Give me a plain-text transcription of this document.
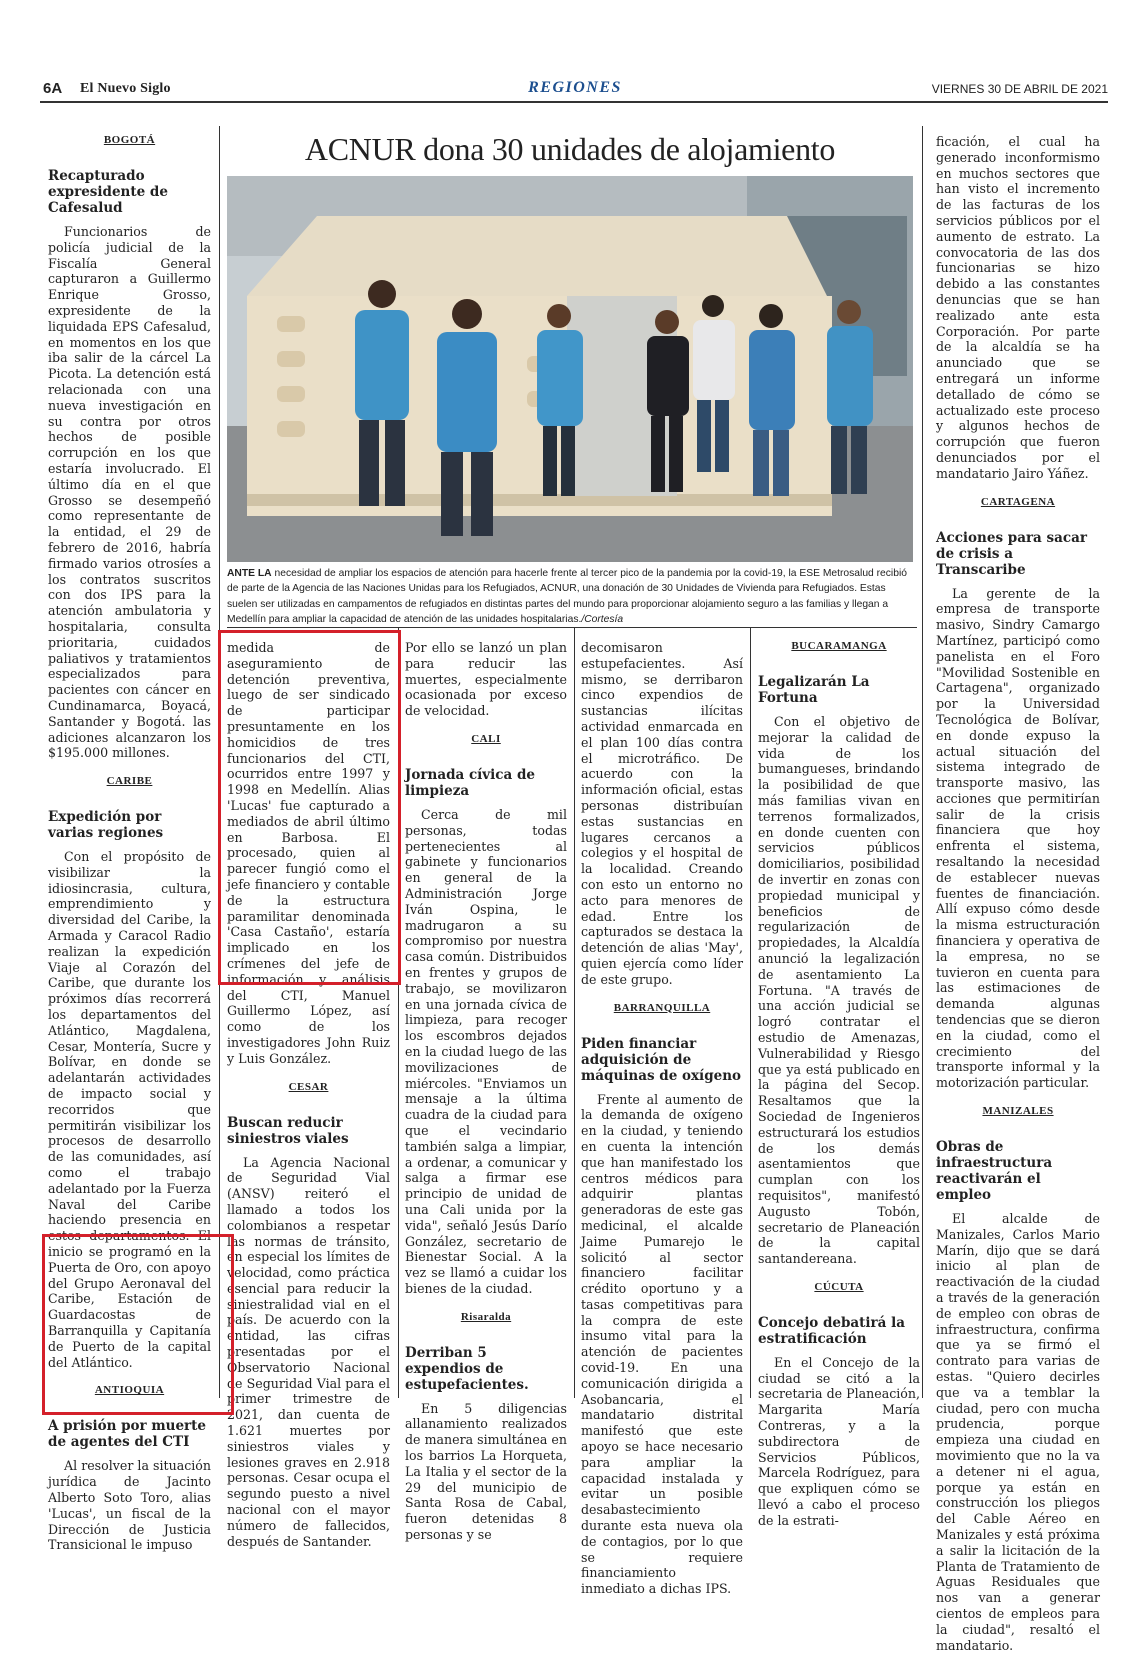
6A El Nuevo Siglo	REGIONES	VIERNES 30 DE ABRIL DE 2021
ACNUR dona 30 unidades de alojamiento
ANTE LA necesidad de ampliar los espacios de atención para hacerle frente al tercer pico de la pandemia por la covid-19, la ESE Metrosalud recibió de parte de la Agencia de las Naciones Unidas para los Refugiados, ACNUR, una donación de 30 Unidades de Vivienda para Refugiados. Estas suelen ser utilizadas en campamentos de refugiados en distintas partes del mundo para proporcionar alojamiento seguro a las familias y llegan a Medellín para ampliar la capacidad de atención de las unidades hospitalarias./Cortesía
BOGOTÁ
Recapturado expresidente de Cafesalud

Funcionarios de policía judicial de la Fiscalía General capturaron a Guillermo Enrique Grosso, expresidente de la liquidada EPS Cafesalud, en momentos en los que iba salir de la cárcel La Picota. La detención está relacionada con una nueva investigación en su contra por otros hechos de posible corrupción en los que estaría involucrado. El último día en el que Grosso se desempeñó como representante de la entidad, el 29 de febrero de 2016, habría firmado varios otrosíes a los contratos suscritos con dos IPS para la atención ambulatoria y hospitalaria, consulta prioritaria, cuidados paliativos y tratamientos especializados para pacientes con cáncer en Cundinamarca, Boyacá, Santander y Bogotá. las adiciones alcanzaron los $195.000 millones.

CARIBE
Expedición por varias regiones

Con el propósito de visibilizar la idiosincrasia, cultura, emprendimiento y diversidad del Caribe, la Armada y Caracol Radio realizan la expedición Viaje al Corazón del Caribe, que durante los próximos días recorrerá los departamentos del Atlántico, Magdalena, Cesar, Montería, Sucre y Bolívar, en donde se adelantarán actividades de impacto social y recorridos que permitirán visibilizar los procesos de desarrollo de las comunidades, así como el trabajo adelantado por la Fuerza Naval del Caribe haciendo presencia en estos departamentos. El inicio se programó en la Puerta de Oro, con apoyo del Grupo Aeronaval del Caribe, Estación de Guardacostas de Barranquilla y Capitanía de Puerto de la capital del Atlántico.

ANTIOQUIA
A prisión por muerte de agentes del CTI

Al resolver la situación jurídica de Jacinto Alberto Soto Toro, alias 'Lucas', un fiscal de la Dirección de Justicia Transicional le impuso

medida de aseguramiento de detención preventiva, luego de ser sindicado de participar presuntamente en los homicidios de tres funcionarios del CTI, ocurridos entre 1997 y 1998 en Medellín. Alias 'Lucas' fue capturado a mediados de abril último en Barbosa. El procesado, quien al parecer fungió como el jefe financiero y contable de la estructura paramilitar denominada 'Casa Castaño', estaría implicado en los crímenes del jefe de información y análisis del CTI, Manuel Guillermo López, así como de los investigadores John Ruiz y Luis González.

CESAR
Buscan reducir siniestros viales

La Agencia Nacional de Seguridad Vial (ANSV) reiteró el llamado a todos los colombianos a respetar las normas de tránsito, en especial los límites de velocidad, como práctica esencial para reducir la siniestralidad vial en el país. De acuerdo con la entidad, las cifras presentadas por el Observatorio Nacional de Seguridad Vial para el primer trimestre de 2021, dan cuenta de 1.621 muertes por siniestros viales y lesiones graves en 2.918 personas. Cesar ocupa el segundo puesto a nivel nacional con el mayor número de fallecidos, después de Santander.

Por ello se lanzó un plan para reducir las muertes, especialmente ocasionada por exceso de velocidad.

CALI
Jornada cívica de limpieza

Cerca de mil personas, todas pertenecientes al gabinete y funcionarios en general de la Administración Jorge Iván Ospina, le madrugaron a su compromiso por nuestra casa común. Distribuidos en frentes y grupos de trabajo, se movilizaron en una jornada cívica de limpieza, para recoger los escombros dejados en la ciudad luego de las movilizaciones de miércoles. "Enviamos un mensaje a la última cuadra de la ciudad para que el vecindario también salga a limpiar, a ordenar, a comunicar y salga a firmar ese principio de unidad de una Cali unida por la vida", señaló Jesús Darío González, secretario de Bienestar Social. A la vez se llamó a cuidar los bienes de la ciudad.

Risaralda
Derriban 5 expendios de estupefacientes.

En 5 diligencias allanamiento realizados de manera simultánea en los barrios La Horqueta, La Italia y el sector de la 29 del municipio de Santa Rosa de Cabal, fueron detenidas 8 personas y se

decomisaron estupefacientes. Así mismo, se derribaron cinco expendios de sustancias ilícitas actividad enmarcada en el plan 100 días contra el microtráfico. De acuerdo con la información oficial, estas personas distribuían estas sustancias en lugares cercanos a colegios y el hospital de la localidad. Creando con esto un entorno no acto para menores de edad. Entre los capturados se destaca la detención de alias 'May', quien ejercía como líder de este grupo.

BARRANQUILLA
Piden financiar adquisición de máquinas de oxígeno

Frente al aumento de la demanda de oxígeno en la ciudad, y teniendo en cuenta la intención que han manifestado los centros médicos para adquirir plantas generadoras de este gas medicinal, el alcalde Jaime Pumarejo le solicitó al sector financiero facilitar crédito oportuno y a tasas competitivas para la compra de este insumo vital para la atención de pacientes covid-19. En una comunicación dirigida a Asobancaria, el mandatario distrital manifestó que este apoyo se hace necesario para ampliar la capacidad instalada y evitar un posible desabastecimiento durante esta nueva ola de contagios, por lo que se requiere financiamiento inmediato a dichas IPS.

BUCARAMANGA
Legalizarán La Fortuna

Con el objetivo de mejorar la calidad de vida de los bumangueses, brindando la posibilidad de que más familias vivan en terrenos formalizados, en donde cuenten con servicios públicos domiciliarios, posibilidad de invertir en zonas con propiedad municipal y beneficios de regularización de propiedades, la Alcaldía anunció la legalización de asentamiento La Fortuna. "A través de una acción judicial se logró contratar el estudio de Amenazas, Vulnerabilidad y Riesgo que ya está publicado en la página del Secop. Resaltamos que la Sociedad de Ingenieros estructurará los estudios de los demás asentamientos que cumplan con los requisitos", manifestó Augusto Tobón, secretario de Planeación de la capital santandereana.

CÚCUTA
Concejo debatirá la estratificación

En el Concejo de la ciudad se citó a la secretaria de Planeación, Margarita María Contreras, y a la subdirectora de Servicios Públicos, Marcela Rodríguez, para que expliquen cómo se llevó a cabo el proceso de la estrati-

ficación, el cual ha generado inconformismo en muchos sectores que han visto el incremento de las facturas de los servicios públicos por el aumento de estrato. La convocatoria de las dos funcionarias se hizo debido a las constantes denuncias que se han realizado ante esta Corporación. Por parte de la alcaldía se ha anunciado que se entregará un informe detallado de cómo se actualizado este proceso y algunos hechos de corrupción que fueron denunciados por el mandatario Jairo Yáñez.

CARTAGENA
Acciones para sacar de crisis a Transcaribe

La gerente de la empresa de transporte masivo, Sindry Camargo Martínez, participó como panelista en el Foro "Movilidad Sostenible en Cartagena", organizado por la Universidad Tecnológica de Bolívar, en donde expuso la actual situación del sistema integrado de transporte masivo, las acciones que permitirían salir de la crisis financiera que hoy enfrenta el sistema, resaltando la necesidad de establecer nuevas fuentes de financiación. Allí expuso cómo desde la misma estructuración financiera y operativa de la empresa, no se tuvieron en cuenta para las estimaciones de demanda algunas tendencias que se dieron en la ciudad, como el crecimiento del transporte informal y la motorización particular.

MANIZALES
Obras de infraestructura reactivarán el empleo

El alcalde de Manizales, Carlos Mario Marín, dijo que se dará inicio al plan de reactivación de la ciudad a través de la generación de empleo con obras de infraestructura, confirma que ya se firmó el contrato para varias de estas. "Quiero decirles que va a temblar la ciudad, pero con mucha prudencia, porque empieza una ciudad en movimiento que no la va a detener ni el agua, porque ya están en construcción los pliegos del Cable Aéreo en Manizales y está próxima a salir la licitación de la Planta de Tratamiento de Aguas Residuales que nos van a generar cientos de empleos para la ciudad", resaltó el mandatario.
